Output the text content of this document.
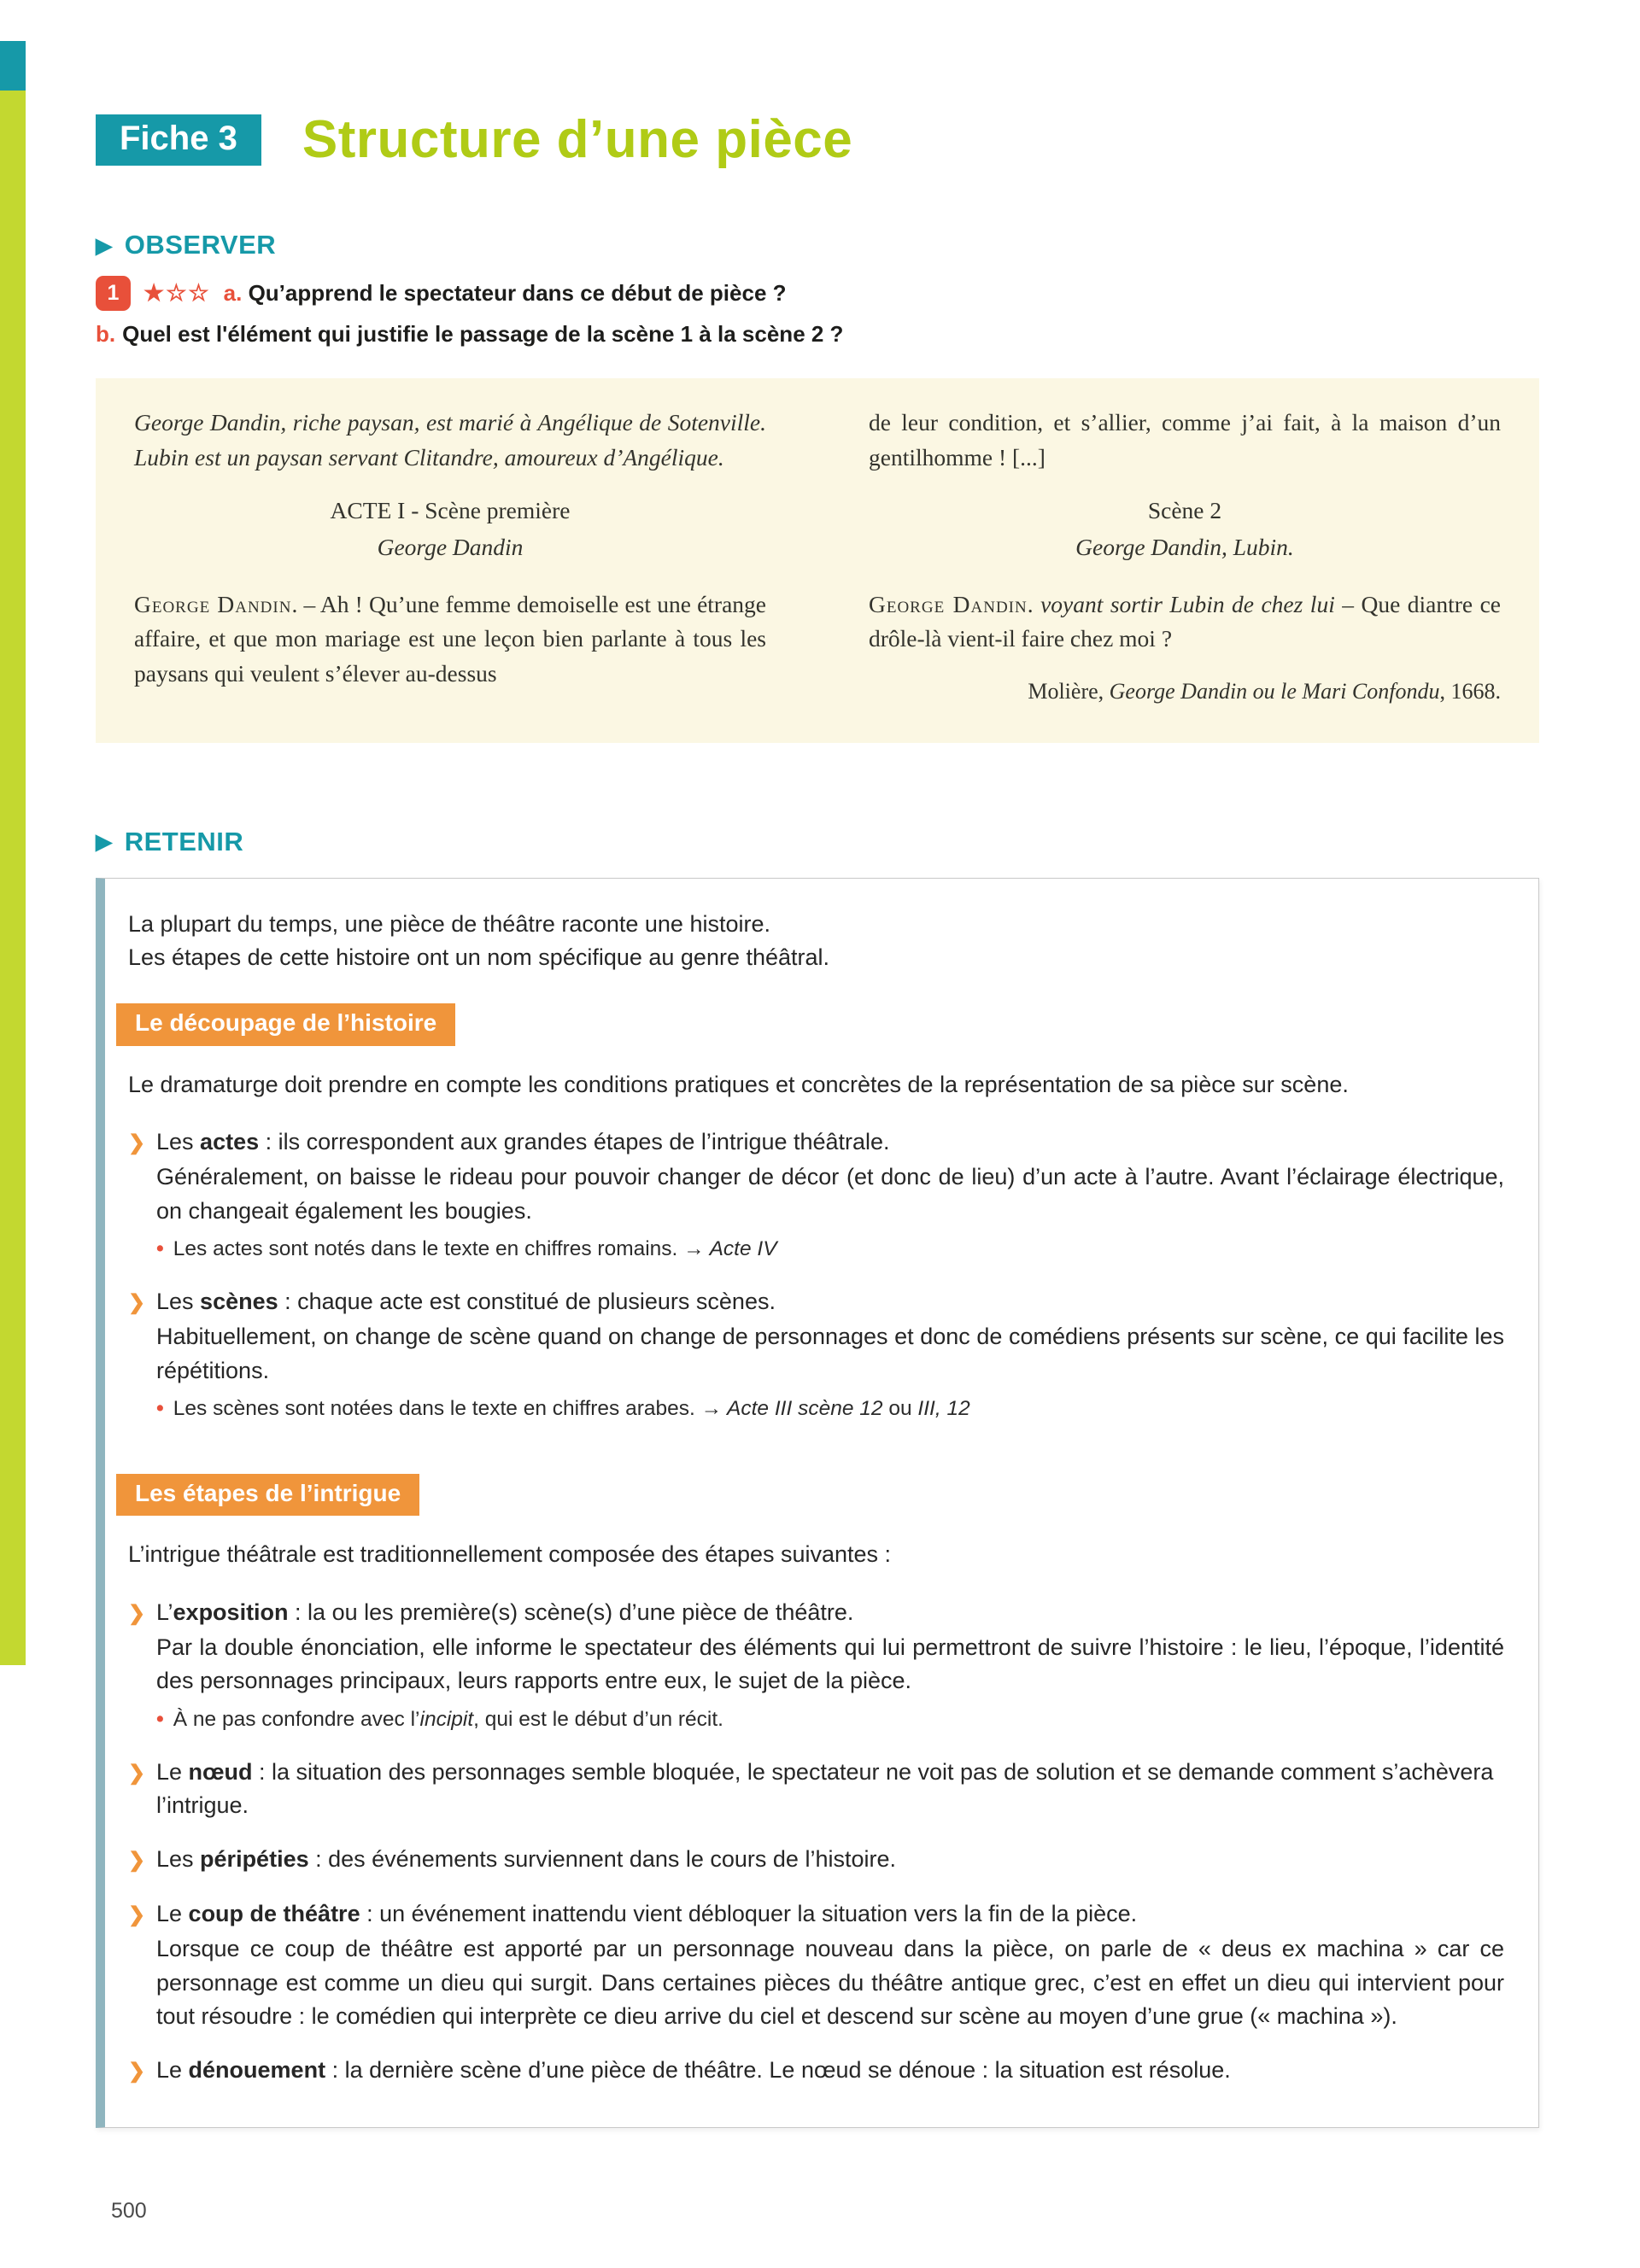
Fiche 3	Structure d’une pièce
▶ OBSERVER

1	★☆☆ a. Qu’apprend le spectateur dans ce début de pièce ?

b. Quel est l'élément qui justifie le passage de la scène 1 à la scène 2 ?

George Dandin, riche paysan, est marié à Angélique de Sotenville. Lubin est un paysan servant Clitandre, amoureux d’Angélique.

ACTE I - Scène première

George Dandin

George Dandin. – Ah ! Qu’une femme demoiselle est une étrange affaire, et que mon mariage est une leçon bien parlante à tous les paysans qui veulent s’élever au-dessus

de leur condition, et s’allier, comme j’ai fait, à la maison d’un gentilhomme ! [...]

Scène 2

George Dandin, Lubin.

George Dandin. voyant sortir Lubin de chez lui – Que diantre ce drôle-là vient-il faire chez moi ?

Molière, George Dandin ou le Mari Confondu, 1668.

▶ RETENIR

La plupart du temps, une pièce de théâtre raconte une histoire.

Les étapes de cette histoire ont un nom spécifique au genre théâtral.

Le découpage de l’histoire

Le dramaturge doit prendre en compte les conditions pratiques et concrètes de la représentation de sa pièce sur scène.

❯ Les actes : ils correspondent aux grandes étapes de l’intrigue théâtrale.

Généralement, on baisse le rideau pour pouvoir changer de décor (et donc de lieu) d’un acte à l’autre. Avant l’éclairage électrique, on changeait également les bougies.

• Les actes sont notés dans le texte en chiffres romains. → Acte IV

❯ Les scènes : chaque acte est constitué de plusieurs scènes.

Habituellement, on change de scène quand on change de personnages et donc de comédiens présents sur scène, ce qui facilite les répétitions.

• Les scènes sont notées dans le texte en chiffres arabes. → Acte III scène 12 ou III, 12

Les étapes de l’intrigue

L’intrigue théâtrale est traditionnellement composée des étapes suivantes :

❯ L’exposition : la ou les première(s) scène(s) d’une pièce de théâtre.

Par la double énonciation, elle informe le spectateur des éléments qui lui permettront de suivre l’histoire : le lieu, l’époque, l’identité des personnages principaux, leurs rapports entre eux, le sujet de la pièce.

• À ne pas confondre avec l’incipit, qui est le début d’un récit.

❯ Le nœud : la situation des personnages semble bloquée, le spectateur ne voit pas de solution et se demande comment s’achèvera l’intrigue.

❯ Les péripéties : des événements surviennent dans le cours de l’histoire.

❯ Le coup de théâtre : un événement inattendu vient débloquer la situation vers la fin de la pièce.

Lorsque ce coup de théâtre est apporté par un personnage nouveau dans la pièce, on parle de « deus ex machina » car ce personnage est comme un dieu qui surgit. Dans certaines pièces du théâtre antique grec, c’est en effet un dieu qui intervient pour tout résoudre : le comédien qui interprète ce dieu arrive du ciel et descend sur scène au moyen d’une grue (« machina »).

❯ Le dénouement : la dernière scène d’une pièce de théâtre. Le nœud se dénoue : la situation est résolue.

500
